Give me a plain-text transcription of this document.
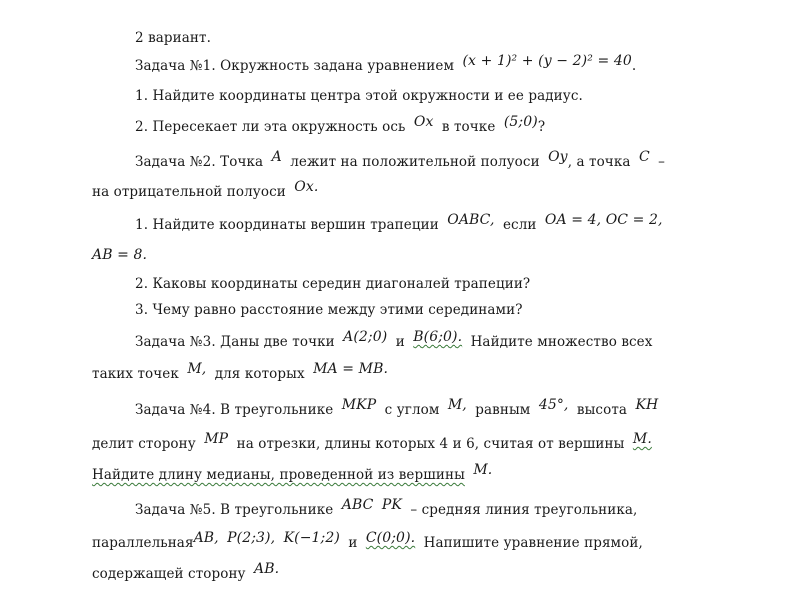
2 вариант.
Задача №1. Окружность задана уравнением (x + 1)² + (y − 2)² = 40.
1. Найдите координаты центра этой окружности и ее радиус.
2. Пересекает ли эта окружность ось Ox в точке (5;0)?
Задача №2. Точка A лежит на положительной полуоси Oy, а точка C –
на отрицательной полуоси Ox.
1. Найдите координаты вершин трапеции OABC, если OA = 4, OC = 2,
AB = 8.
2. Каковы координаты середин диагоналей трапеции?
3. Чему равно расстояние между этими серединами?
Задача №3. Даны две точки A(2;0) и B(6;0). Найдите множество всех
таких точек M, для которых MA = MB.
Задача №4. В треугольнике MKP с углом M, равным 45°, высота KH
делит сторону MP на отрезки, длины которых 4 и 6, считая от вершины M.
Найдите длину медианы, проведенной из вершины M.
Задача №5. В треугольнике ABC PK – средняя линия треугольника,
параллельнаяAB, P(2;3), K(−1;2) и C(0;0). Напишите уравнение прямой,
содержащей сторону AB.
